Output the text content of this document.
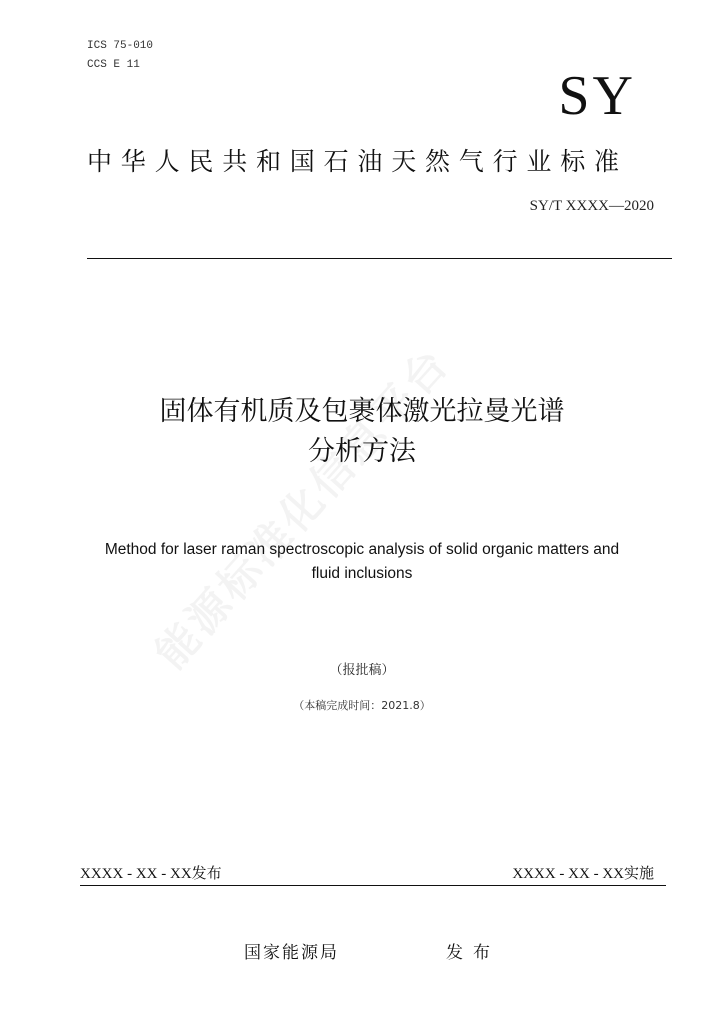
ICS 75-010
CCS E 11	SY
中华人民共和国石油天然气行业标准
SY/T XXXX—2020
固体有机质及包裹体激光拉曼光谱
分析方法
Method for laser raman spectroscopic analysis of solid organic matters and
fluid inclusions
（报批稿）
（本稿完成时间：2021.8）
XXXX - XX - XX发布	XXXX - XX - XX实施
国家能源局	发布
